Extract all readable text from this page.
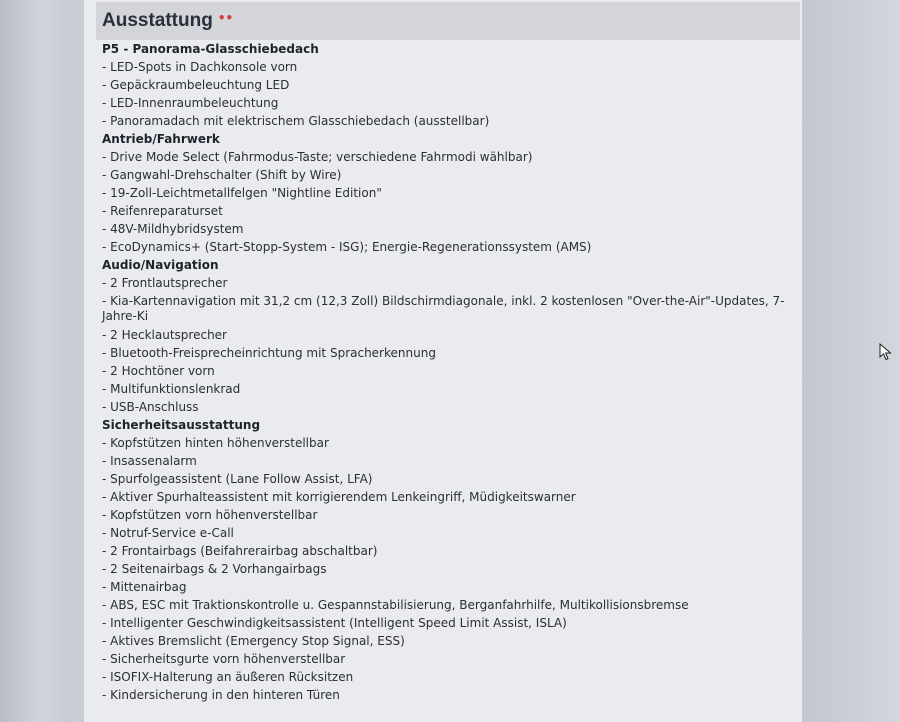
Ausstattung ••
P5 - Panorama-Glasschiebedach
- LED-Spots in Dachkonsole vorn
- Gepäckraumbeleuchtung LED
- LED-Innenraumbeleuchtung
- Panoramadach mit elektrischem Glasschiebedach (ausstellbar)
Antrieb/Fahrwerk
- Drive Mode Select (Fahrmodus-Taste; verschiedene Fahrmodi wählbar)
- Gangwahl-Drehschalter (Shift by Wire)
- 19-Zoll-Leichtmetallfelgen "Nightline Edition"
- Reifenreparaturset
- 48V-Mildhybridsystem
- EcoDynamics+ (Start-Stopp-System - ISG); Energie-Regenerationssystem (AMS)
Audio/Navigation
- 2 Frontlautsprecher
- Kia-Kartennavigation mit 31,2 cm (12,3 Zoll) Bildschirmdiagonale, inkl. 2 kostenlosen "Over-the-Air"-Updates, 7-Jahre-Ki
- 2 Hecklautsprecher
- Bluetooth-Freisprecheinrichtung mit Spracherkennung
- 2 Hochtöner vorn
- Multifunktionslenkrad
- USB-Anschluss
Sicherheitsausstattung
- Kopfstützen hinten höhenverstellbar
- Insassenalarm
- Spurfolgeassistent (Lane Follow Assist, LFA)
- Aktiver Spurhalteassistent mit korrigierendem Lenkeingriff, Müdigkeitswarner
- Kopfstützen vorn höhenverstellbar
- Notruf-Service e-Call
- 2 Frontairbags (Beifahrerairbag abschaltbar)
- 2 Seitenairbags & 2 Vorhangairbags
- Mittenairbag
- ABS, ESC mit Traktionskontrolle u. Gespannstabilisierung, Berganfahrhilfe, Multikollisionsbremse
- Intelligenter Geschwindigkeitsassistent (Intelligent Speed Limit Assist, ISLA)
- Aktives Bremslicht (Emergency Stop Signal, ESS)
- Sicherheitsgurte vorn höhenverstellbar
- ISOFIX-Halterung an äußeren Rücksitzen
- Kindersicherung in den hinteren Türen
